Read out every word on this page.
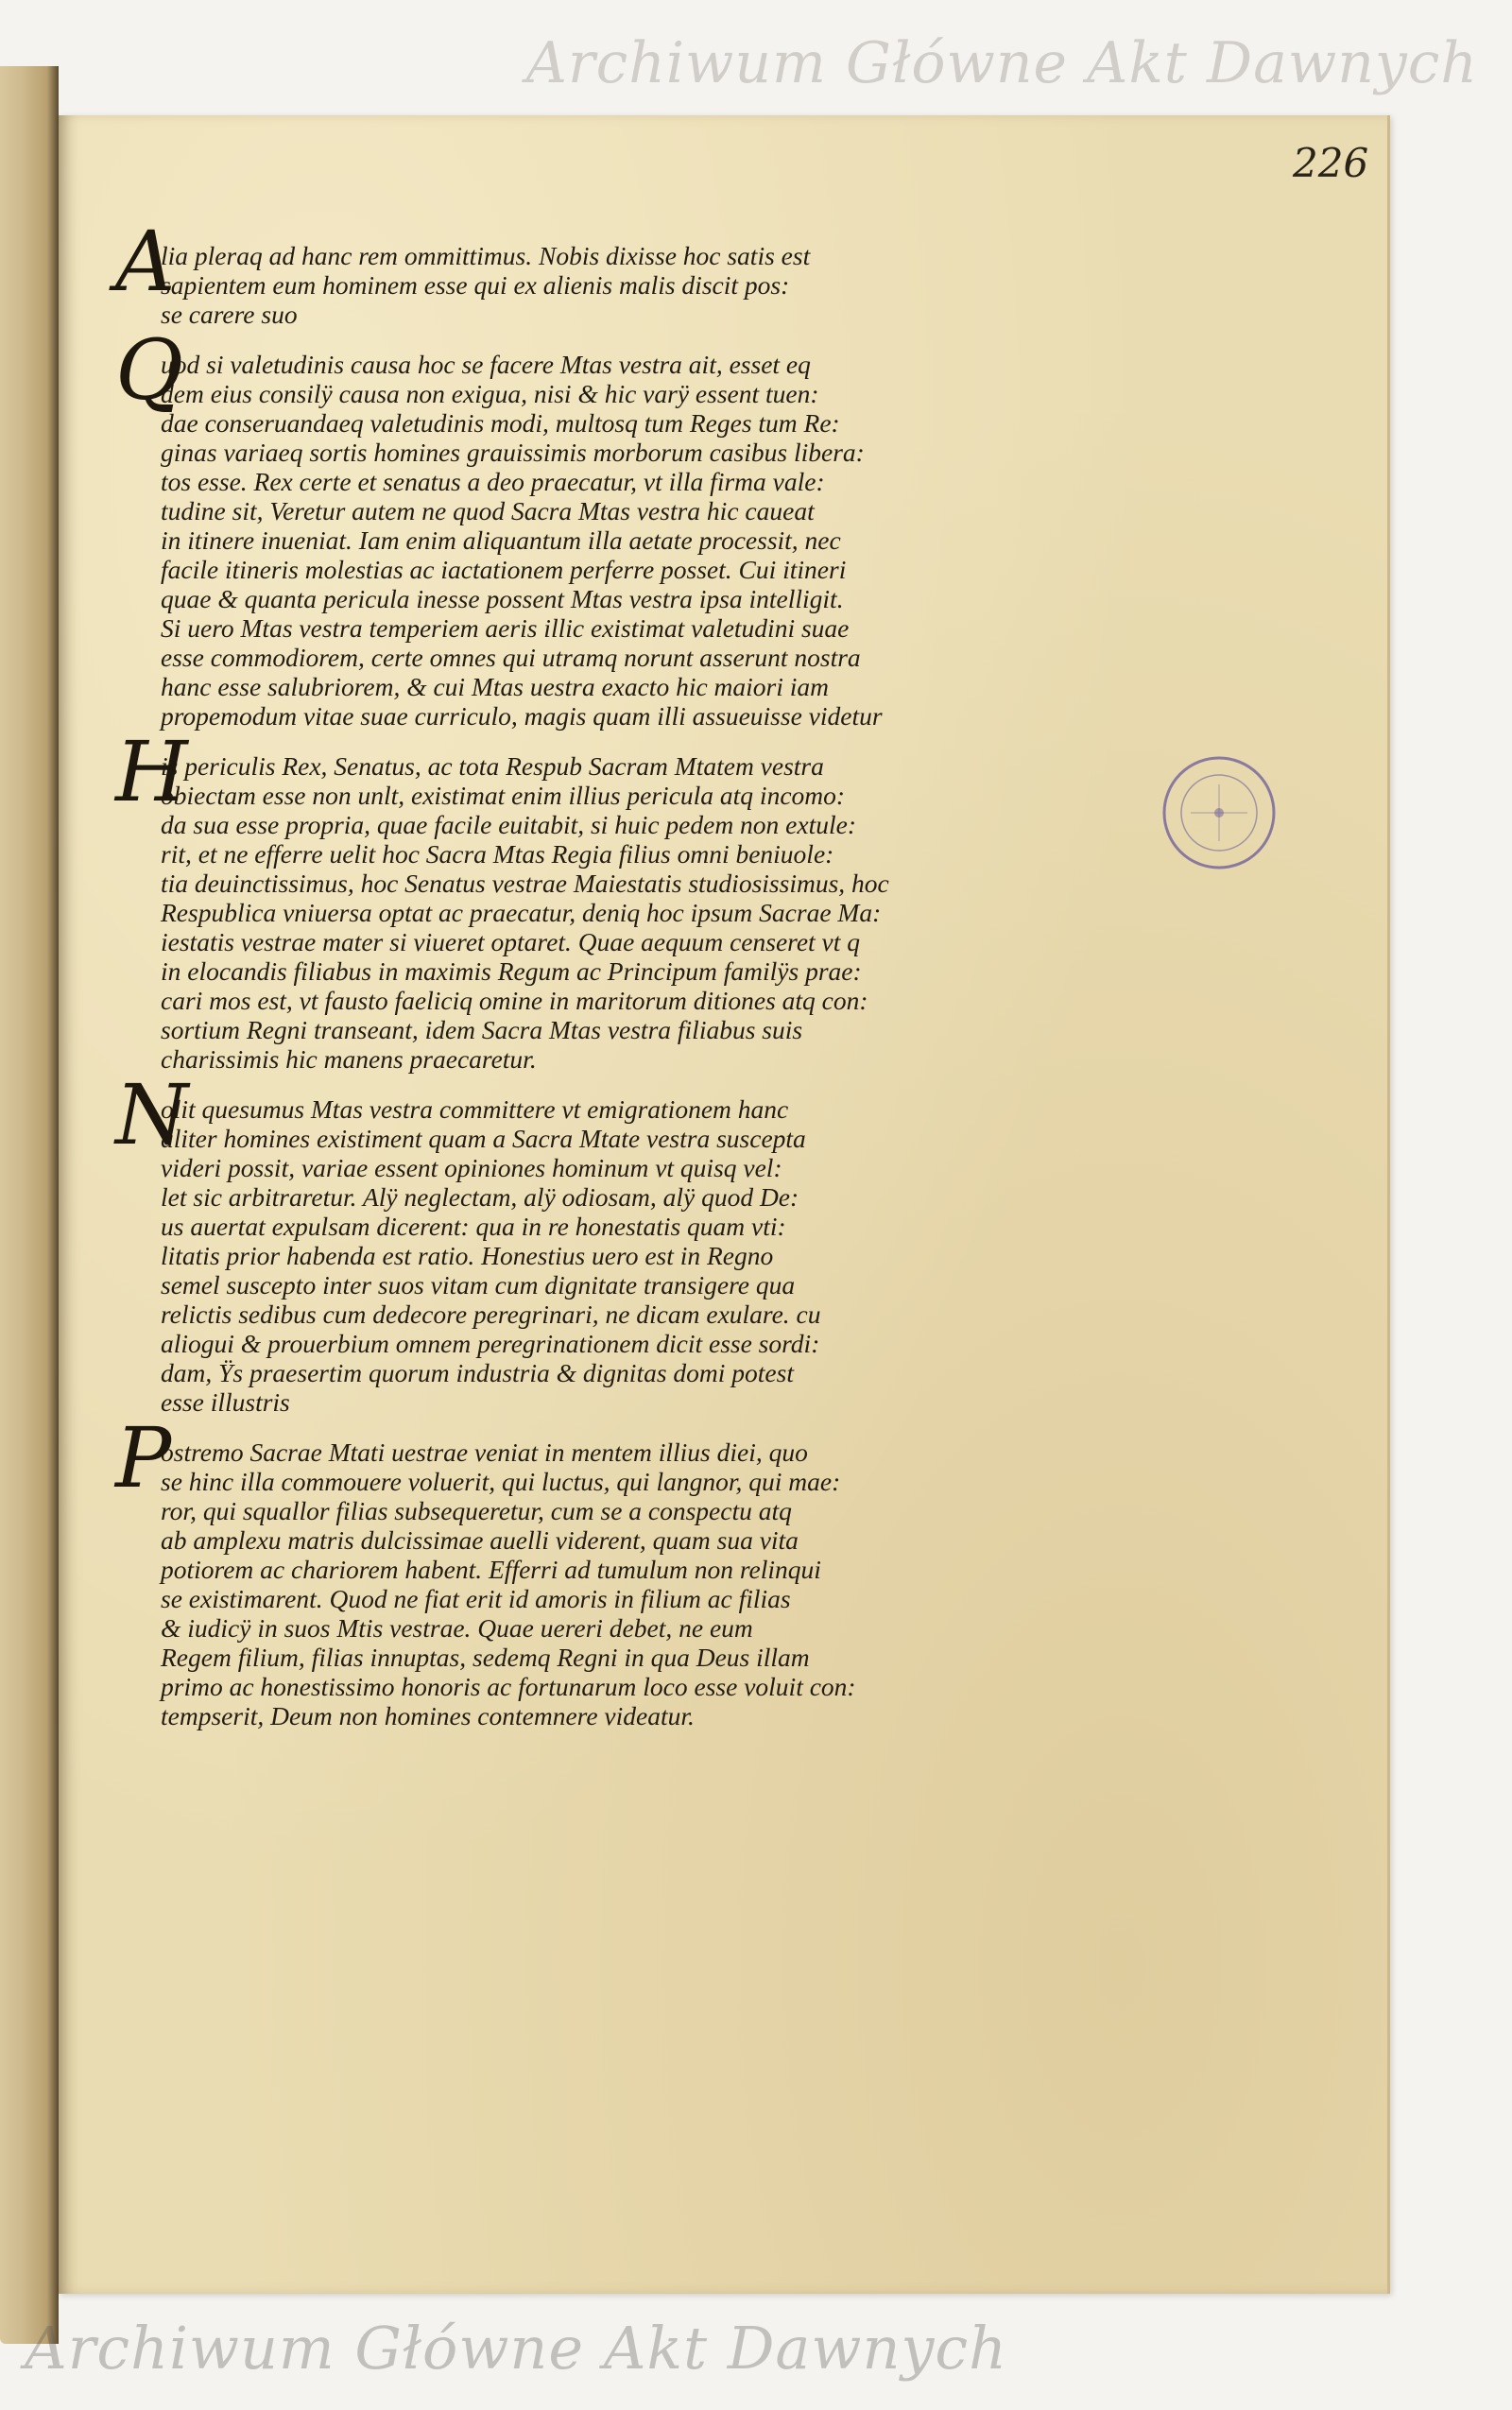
Archiwum Główne Akt Dawnych
226
A
lia pleraq ad hanc rem ommittimus. Nobis dixisse hoc satis est
sapientem eum hominem esse qui ex alienis malis discit pos:
se carere suo
Q
uod si valetudinis causa hoc se facere Mtas vestra ait, esset eq
dem eius consilÿ causa non exigua, nisi & hic varÿ essent tuen:
dae conseruandaeq valetudinis modi, multosq tum Reges tum Re:
ginas variaeq sortis homines grauissimis morborum casibus libera:
tos esse. Rex certe et senatus a deo praecatur, vt illa firma vale:
tudine sit, Veretur autem ne quod Sacra Mtas vestra hic caueat
in itinere inueniat. Iam enim aliquantum illa aetate processit, nec
facile itineris molestias ac iactationem perferre posset. Cui itineri
quae & quanta pericula inesse possent Mtas vestra ipsa intelligit.
Si uero Mtas vestra temperiem aeris illic existimat valetudini suae
esse commodiorem, certe omnes qui utramq norunt asserunt nostra
hanc esse salubriorem, & cui Mtas uestra exacto hic maiori iam
propemodum vitae suae curriculo, magis quam illi assueuisse videtur
H
is periculis Rex, Senatus, ac tota Respub Sacram Mtatem vestra
obiectam esse non unlt, existimat enim illius pericula atq incomo:
da sua esse propria, quae facile euitabit, si huic pedem non extule:
rit, et ne efferre uelit hoc Sacra Mtas Regia filius omni beniuole:
tia deuinctissimus, hoc Senatus vestrae Maiestatis studiosissimus, hoc
Respublica vniuersa optat ac praecatur, deniq hoc ipsum Sacrae Ma:
iestatis vestrae mater si viueret optaret. Quae aequum censeret vt q
in elocandis filiabus in maximis Regum ac Principum familÿs prae:
cari mos est, vt fausto faeliciq omine in maritorum ditiones atq con:
sortium Regni transeant, idem Sacra Mtas vestra filiabus suis
charissimis hic manens praecaretur.
N
olit quesumus Mtas vestra committere vt emigrationem hanc
aliter homines existiment quam a Sacra Mtate vestra suscepta
videri possit, variae essent opiniones hominum vt quisq vel:
let sic arbitraretur. Alÿ neglectam, alÿ odiosam, alÿ quod De:
us auertat expulsam dicerent: qua in re honestatis quam vti:
litatis prior habenda est ratio. Honestius uero est in Regno
semel suscepto inter suos vitam cum dignitate transigere qua
relictis sedibus cum dedecore peregrinari, ne dicam exulare. cu
aliogui & prouerbium omnem peregrinationem dicit esse sordi:
dam, Ÿs praesertim quorum industria & dignitas domi potest
esse illustris
P
ostremo Sacrae Mtati uestrae veniat in mentem illius diei, quo
se hinc illa commouere voluerit, qui luctus, qui langnor, qui mae:
ror, qui squallor filias subsequeretur, cum se a conspectu atq
ab amplexu matris dulcissimae auelli viderent, quam sua vita
potiorem ac chariorem habent. Efferri ad tumulum non relinqui
se existimarent. Quod ne fiat erit id amoris in filium ac filias
& iudicÿ in suos Mtis vestrae. Quae uereri debet, ne eum
Regem filium, filias innuptas, sedemq Regni in qua Deus illam
primo ac honestissimo honoris ac fortunarum loco esse voluit con:
tempserit, Deum non homines contemnere videatur.
Archiwum Główne Akt Dawnych
